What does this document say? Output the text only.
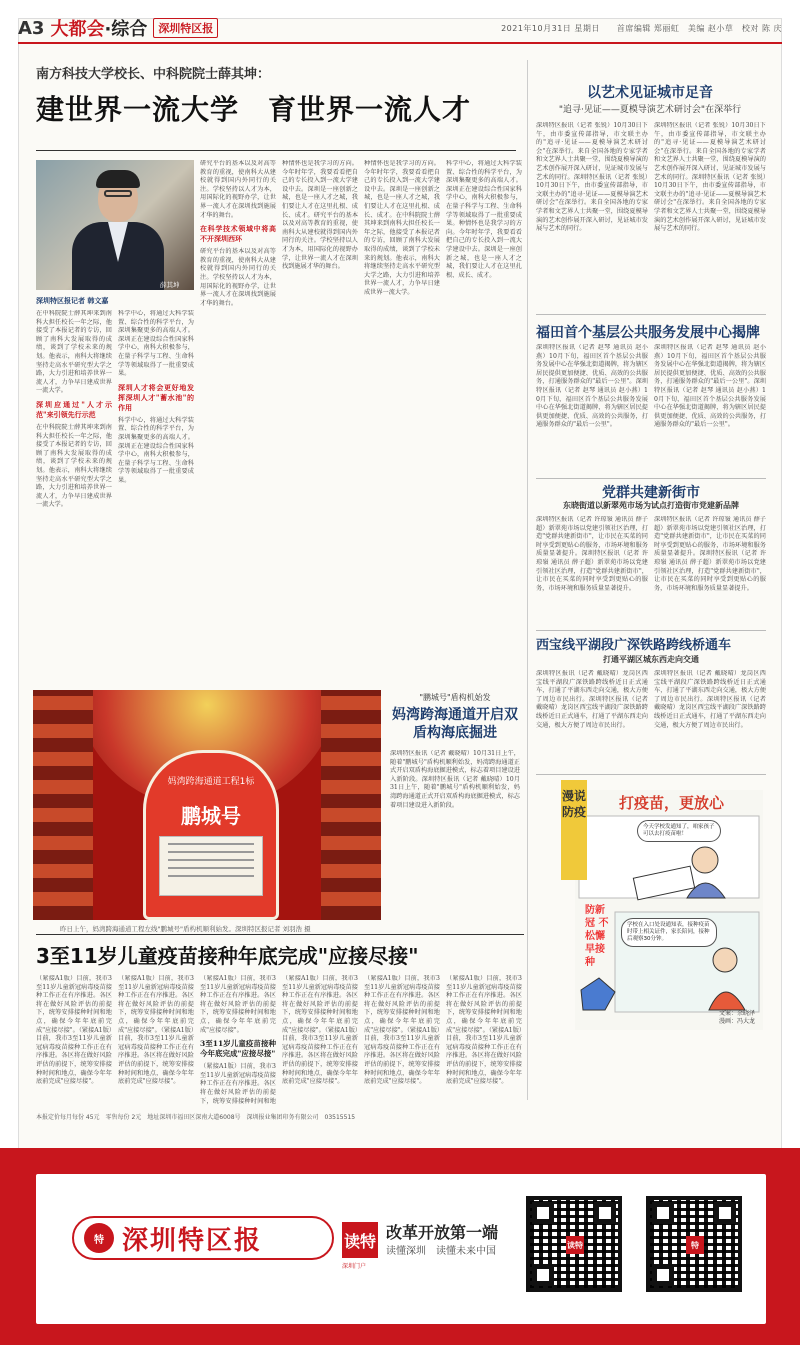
A3 大都会·综合	深圳特区报	2021年10月31日 星期日　　首席编辑 郑丽虹　美编 赵小草　校对 陈 庆
南方科技大学校长、中科院院士薛其坤：
建世界一流大学　育世界一流人才
薛其坤
深圳特区报记者 韩文嘉
在中科院院士薛其坤来到南科大担任校长一年之际，他接受了本报记者的专访，回顾了南科大发展取得的成绩，谈到了学校未来的规划。他表示，南科大将继续坚持走高水平研究型大学之路，大力引进和培养世界一流人才，力争早日建成世界一流大学。
深圳应通过"人才示范"来引领先行示范
在中科院院士薛其坤来到南科大担任校长一年之际，他接受了本报记者的专访，回顾了南科大发展取得的成绩，谈到了学校未来的规划。他表示，南科大将继续坚持走高水平研究型大学之路，大力引进和培养世界一流人才，力争早日建成世界一流大学。
科学中心，将通过大科学装置、综合性的科学平台，为深圳集聚更多的高端人才。深圳正在建设综合性国家科学中心，南科大积极参与，在量子科学与工程、生命科学等领域取得了一批重要成果。
深圳人才将会更好地发挥深圳人才"蓄水池"的作用
科学中心，将通过大科学装置、综合性的科学平台，为深圳集聚更多的高端人才。深圳正在建设综合性国家科学中心，南科大积极参与，在量子科学与工程、生命科学等领域取得了一批重要成果。
研究平台的基本以及对高等教育的重视，使南科大从建校就得到国内外同行的关注。学校坚持以人才为本，用国际化的视野办学，让世界一流人才在深圳找到施展才华的舞台。
在科学技术领域中将高不开深圳西环
研究平台的基本以及对高等教育的重视，使南科大从建校就得到国内外同行的关注。学校坚持以人才为本，用国际化的视野办学，让世界一流人才在深圳找到施展才华的舞台。
种情怀也是我学习的方向。今年时年学，我要看看把自己的专长投入到一流大学建设中去。深圳是一座创新之城，也是一座人才之城，我们要让人才在这里扎根、成长、成才。研究平台的基本以及对高等教育的重视，使南科大从建校就得到国内外同行的关注。学校坚持以人才为本，用国际化的视野办学，让世界一流人才在深圳找到施展才华的舞台。
种情怀也是我学习的方向。今年时年学，我要看看把自己的专长投入到一流大学建设中去。深圳是一座创新之城，也是一座人才之城，我们要让人才在这里扎根、成长、成才。在中科院院士薛其坤来到南科大担任校长一年之际，他接受了本报记者的专访，回顾了南科大发展取得的成绩，谈到了学校未来的规划。他表示，南科大将继续坚持走高水平研究型大学之路，大力引进和培养世界一流人才，力争早日建成世界一流大学。
科学中心，将通过大科学装置、综合性的科学平台，为深圳集聚更多的高端人才。深圳正在建设综合性国家科学中心，南科大积极参与，在量子科学与工程、生命科学等领域取得了一批重要成果。种情怀也是我学习的方向。今年时年学，我要看看把自己的专长投入到一流大学建设中去。深圳是一座创新之城，也是一座人才之城，我们要让人才在这里扎根、成长、成才。
以艺术见证城市足音
"追寻·见证——夏模导演艺术研讨会"在深举行
深圳特区报讯（记者 张锐）10月30日下午，由市委宣传部指导，市文联主办的"追寻·见证——夏模导演艺术研讨会"在深举行。来自全国各地的专家学者和文艺界人士共聚一堂，围绕夏模导演的艺术创作展开深入研讨，见证城市发展与艺术的同行。深圳特区报讯（记者 张锐）10月30日下午，由市委宣传部指导，市文联主办的"追寻·见证——夏模导演艺术研讨会"在深举行。来自全国各地的专家学者和文艺界人士共聚一堂，围绕夏模导演的艺术创作展开深入研讨，见证城市发展与艺术的同行。
深圳特区报讯（记者 张锐）10月30日下午，由市委宣传部指导，市文联主办的"追寻·见证——夏模导演艺术研讨会"在深举行。来自全国各地的专家学者和文艺界人士共聚一堂，围绕夏模导演的艺术创作展开深入研讨，见证城市发展与艺术的同行。深圳特区报讯（记者 张锐）10月30日下午，由市委宣传部指导，市文联主办的"追寻·见证——夏模导演艺术研讨会"在深举行。来自全国各地的专家学者和文艺界人士共聚一堂，围绕夏模导演的艺术创作展开深入研讨，见证城市发展与艺术的同行。
福田首个基层公共服务发展中心揭牌
深圳特区报讯（记者 赵琴 通讯员 赵小燕）10月下旬，福田区首个基层公共服务发展中心在华强北街道揭牌，将为辖区居民提供更加便捷、优质、高效的公共服务，打通服务群众的"最后一公里"。深圳特区报讯（记者 赵琴 通讯员 赵小燕）10月下旬，福田区首个基层公共服务发展中心在华强北街道揭牌，将为辖区居民提供更加便捷、优质、高效的公共服务，打通服务群众的"最后一公里"。
深圳特区报讯（记者 赵琴 通讯员 赵小燕）10月下旬，福田区首个基层公共服务发展中心在华强北街道揭牌，将为辖区居民提供更加便捷、优质、高效的公共服务，打通服务群众的"最后一公里"。深圳特区报讯（记者 赵琴 通讯员 赵小燕）10月下旬，福田区首个基层公共服务发展中心在华强北街道揭牌，将为辖区居民提供更加便捷、优质、高效的公共服务，打通服务群众的"最后一公里"。
党群共建新街市
东晓街道以新翠苑市场为试点打造街市党建新品牌
深圳特区报讯（记者 许琼嶺 通讯员 薛子超）新翠苑市场以党建引领社区治理，打造"党群共建新街市"，让市民在买菜的同时享受到更贴心的服务，市场环境和服务质量显著提升。深圳特区报讯（记者 许琼嶺 通讯员 薛子超）新翠苑市场以党建引领社区治理，打造"党群共建新街市"，让市民在买菜的同时享受到更贴心的服务，市场环境和服务质量显著提升。
深圳特区报讯（记者 许琼嶺 通讯员 薛子超）新翠苑市场以党建引领社区治理，打造"党群共建新街市"，让市民在买菜的同时享受到更贴心的服务，市场环境和服务质量显著提升。深圳特区报讯（记者 许琼嶺 通讯员 薛子超）新翠苑市场以党建引领社区治理，打造"党群共建新街市"，让市民在买菜的同时享受到更贴心的服务，市场环境和服务质量显著提升。
西宝线平湖段广深铁路跨线桥通车
打通平湖区城东西走向交通
深圳特区报讯（记者 戴晓晴）龙岗区西宝线平湖段广深铁路跨线桥近日正式通车，打通了平湖东西走向交通，极大方便了周边市民出行。深圳特区报讯（记者 戴晓晴）龙岗区西宝线平湖段广深铁路跨线桥近日正式通车，打通了平湖东西走向交通，极大方便了周边市民出行。
深圳特区报讯（记者 戴晓晴）龙岗区西宝线平湖段广深铁路跨线桥近日正式通车，打通了平湖东西走向交通，极大方便了周边市民出行。深圳特区报讯（记者 戴晓晴）龙岗区西宝线平湖段广深铁路跨线桥近日正式通车，打通了平湖东西走向交通，极大方便了周边市民出行。
妈湾跨海通道工程1标
鹏城号
昨日上午，妈湾跨海通道工程左线"鹏城号"盾构机顺利始发。深圳特区报记者 刘羽浩 摄
"鹏城号"盾构机始发
妈湾跨海通道开启双盾构海底掘进
深圳特区报讯（记者 戴晓晴）10月31日上午，随着"鹏城号"盾构机顺利始发，妈湾跨海通道正式开启双盾构海底掘进模式，标志着项目建设进入新阶段。深圳特区报讯（记者 戴晓晴）10月31日上午，随着"鹏城号"盾构机顺利始发，妈湾跨海通道正式开启双盾构海底掘进模式，标志着项目建设进入新阶段。
3至11岁儿童疫苗接种年底完成"应接尽接"
（紧接A1版）目前，我市3至11岁儿童新冠病毒疫苗接种工作正在有序推进。各区将在做好风险评估的前提下，统筹安排接种时间和地点，确保今年年底前完成"应接尽接"。（紧接A1版）目前，我市3至11岁儿童新冠病毒疫苗接种工作正在有序推进。各区将在做好风险评估的前提下，统筹安排接种时间和地点，确保今年年底前完成"应接尽接"。
（紧接A1版）目前，我市3至11岁儿童新冠病毒疫苗接种工作正在有序推进。各区将在做好风险评估的前提下，统筹安排接种时间和地点，确保今年年底前完成"应接尽接"。（紧接A1版）目前，我市3至11岁儿童新冠病毒疫苗接种工作正在有序推进。各区将在做好风险评估的前提下，统筹安排接种时间和地点，确保今年年底前完成"应接尽接"。
（紧接A1版）目前，我市3至11岁儿童新冠病毒疫苗接种工作正在有序推进。各区将在做好风险评估的前提下，统筹安排接种时间和地点，确保今年年底前完成"应接尽接"。
3至11岁儿童疫苗接种 今年底完成"应接尽接"
（紧接A1版）目前，我市3至11岁儿童新冠病毒疫苗接种工作正在有序推进。各区将在做好风险评估的前提下，统筹安排接种时间和地
（紧接A1版）目前，我市3至11岁儿童新冠病毒疫苗接种工作正在有序推进。各区将在做好风险评估的前提下，统筹安排接种时间和地点，确保今年年底前完成"应接尽接"。（紧接A1版）目前，我市3至11岁儿童新冠病毒疫苗接种工作正在有序推进。各区将在做好风险评估的前提下，统筹安排接种时间和地点，确保今年年底前完成"应接尽接"。
（紧接A1版）目前，我市3至11岁儿童新冠病毒疫苗接种工作正在有序推进。各区将在做好风险评估的前提下，统筹安排接种时间和地点，确保今年年底前完成"应接尽接"。（紧接A1版）目前，我市3至11岁儿童新冠病毒疫苗接种工作正在有序推进。各区将在做好风险评估的前提下，统筹安排接种时间和地点，确保今年年底前完成"应接尽接"。
（紧接A1版）目前，我市3至11岁儿童新冠病毒疫苗接种工作正在有序推进。各区将在做好风险评估的前提下，统筹安排接种时间和地点，确保今年年底前完成"应接尽接"。（紧接A1版）目前，我市3至11岁儿童新冠病毒疫苗接种工作正在有序推进。各区将在做好风险评估的前提下，统筹安排接种时间和地点，确保今年年底前完成"应接尽接"。
打疫苗，更放心
今天学校发通知了，咱家孩子可以去打疫苗啦！
学校在入口处设通知表，接种疫苗时带上相关证件，家长陪同，接种后观察30分钟。
防新冠 不松懈 早接种
文案：余晓泽
漫画：冯大龙
漫说防疫
本报定价每月每份 45元　零售每份 2元　地址深圳市福田区深南大道6008号　深圳报业集团印务有限公司　03515515
特 深圳特区报	读特
深圳门户
改革开放第一端
读懂深圳　读懂未来中国
读特	特
